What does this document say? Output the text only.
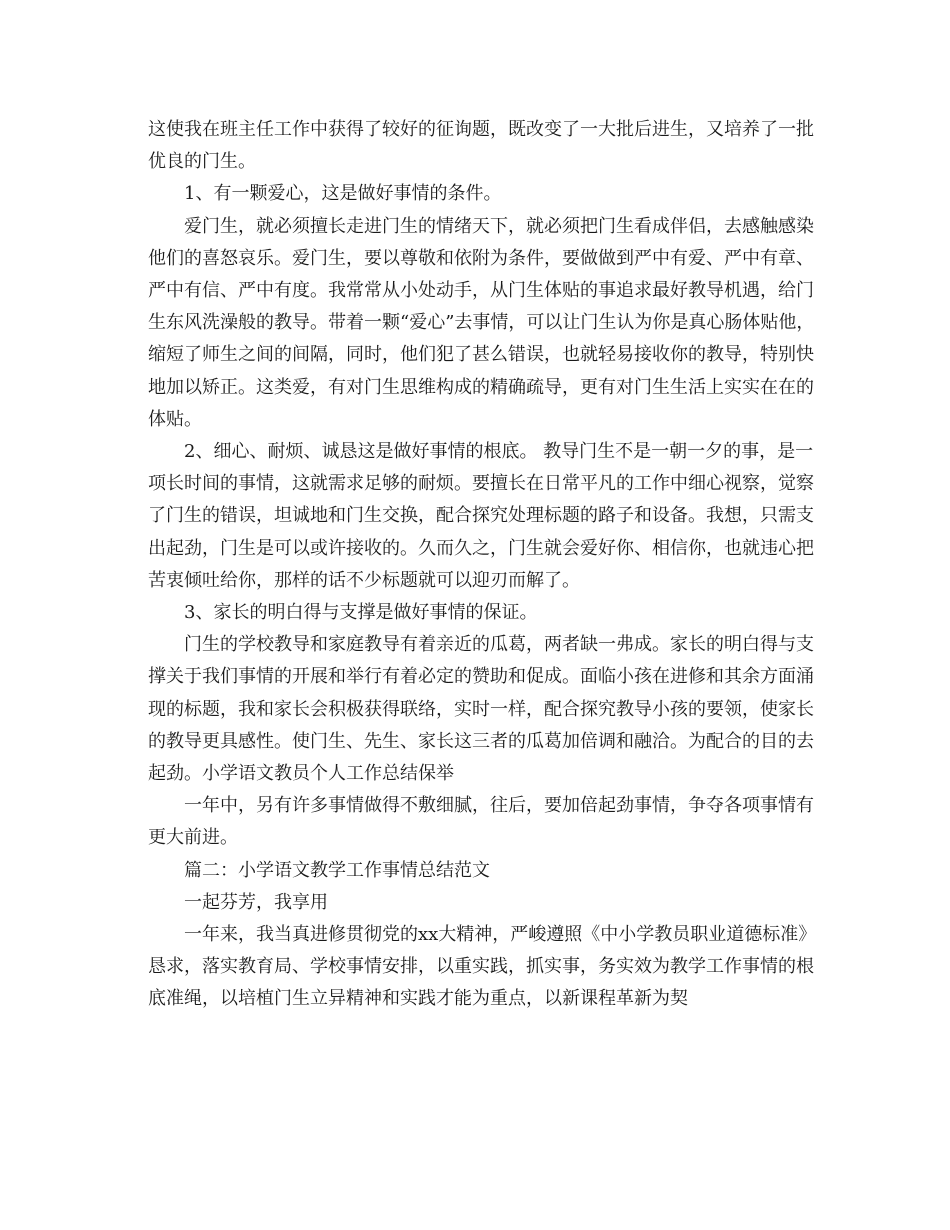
这使我在班主任工作中获得了较好的征询题，既改变了一大批后进生，又培养了一批优良的门生。

1、有一颗爱心，这是做好事情的条件。

爱门生，就必须擅长走进门生的情绪天下，就必须把门生看成伴侣，去感触感染他们的喜怒哀乐。爱门生，要以尊敬和依附为条件，要做做到严中有爱、严中有章、严中有信、严中有度。我常常从小处动手，从门生体贴的事追求最好教导机遇，给门生东风洗澡般的教导。带着一颗“爱心”去事情，可以让门生认为你是真心肠体贴他，缩短了师生之间的间隔，同时，他们犯了甚么错误，也就轻易接收你的教导，特别快地加以矫正。这类爱，有对门生思维构成的精确疏导，更有对门生生活上实实在在的体贴。

2、细心、耐烦、诚恳这是做好事情的根底。 教导门生不是一朝一夕的事，是一项长时间的事情，这就需求足够的耐烦。要擅长在日常平凡的工作中细心视察，觉察了门生的错误，坦诚地和门生交换，配合探究处理标题的路子和设备。我想，只需支出起劲，门生是可以或许接收的。久而久之，门生就会爱好你、相信你，也就违心把苦衷倾吐给你，那样的话不少标题就可以迎刃而解了。

3、家长的明白得与支撑是做好事情的保证。

门生的学校教导和家庭教导有着亲近的瓜葛，两者缺一弗成。家长的明白得与支撑关于我们事情的开展和举行有着必定的赞助和促成。面临小孩在进修和其余方面涌现的标题，我和家长会积极获得联络，实时一样，配合探究教导小孩的要领，使家长的教导更具感性。使门生、先生、家长这三者的瓜葛加倍调和融洽。为配合的目的去起劲。小学语文教员个人工作总结保举

一年中，另有许多事情做得不敷细腻，往后，要加倍起劲事情，争夺各项事情有更大前进。

篇二：小学语文教学工作事情总结范文

一起芬芳，我享用

一年来，我当真进修贯彻党的xx大精神，严峻遵照《中小学教员职业道德标准》恳求，落实教育局、学校事情安排，以重实践，抓实事，务实效为教学工作事情的根底准绳，以培植门生立异精神和实践才能为重点，以新课程革新为契
